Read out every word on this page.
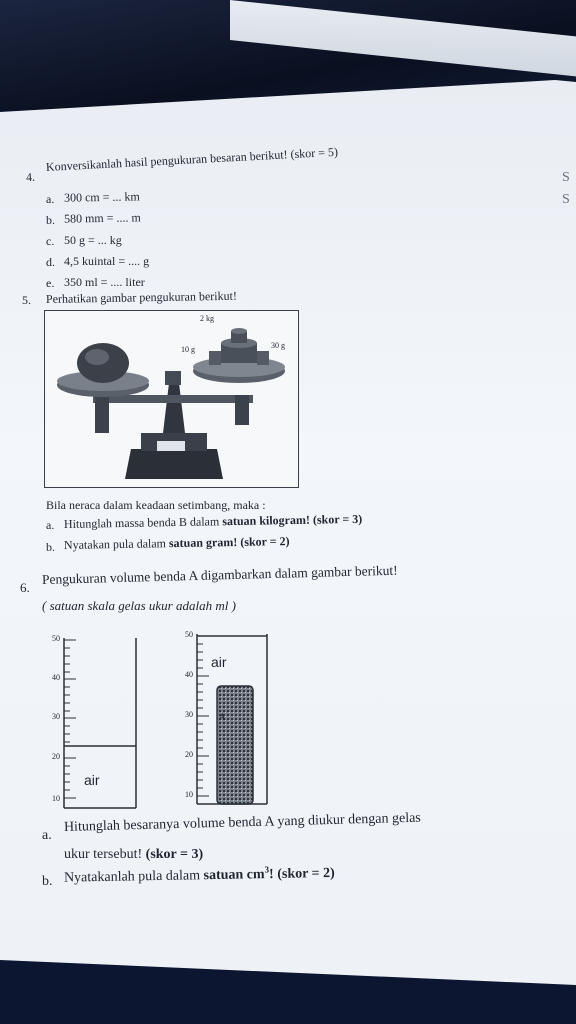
S
S
4.
Konversikanlah hasil pengukuran besaran berikut! (skor = 5)
a. 300 cm = ... km
b. 580 mm = .... m
c. 50 g = ... kg
d. 4,5 kuintal = .... g
e. 350 ml = .... liter
5. Perhatikan gambar pengukuran berikut!
2 kg
10 g	30 g
Bila neraca dalam keadaan setimbang, maka :
a. Hitunglah massa benda B dalam satuan kilogram! (skor = 3)
b. Nyatakan pula dalam satuan gram! (skor = 2)
6.
Pengukuran volume benda A digambarkan dalam gambar berikut!
( satuan skala gelas ukur adalah ml )
50
40
30
20
10
air
50
40
30
20
10
air
A
a.
Hitunglah besaranya volume benda A yang diukur dengan gelas
ukur tersebut! (skor = 3)
b. Nyatakanlah pula dalam satuan $cm^3$! (skor = 2)
